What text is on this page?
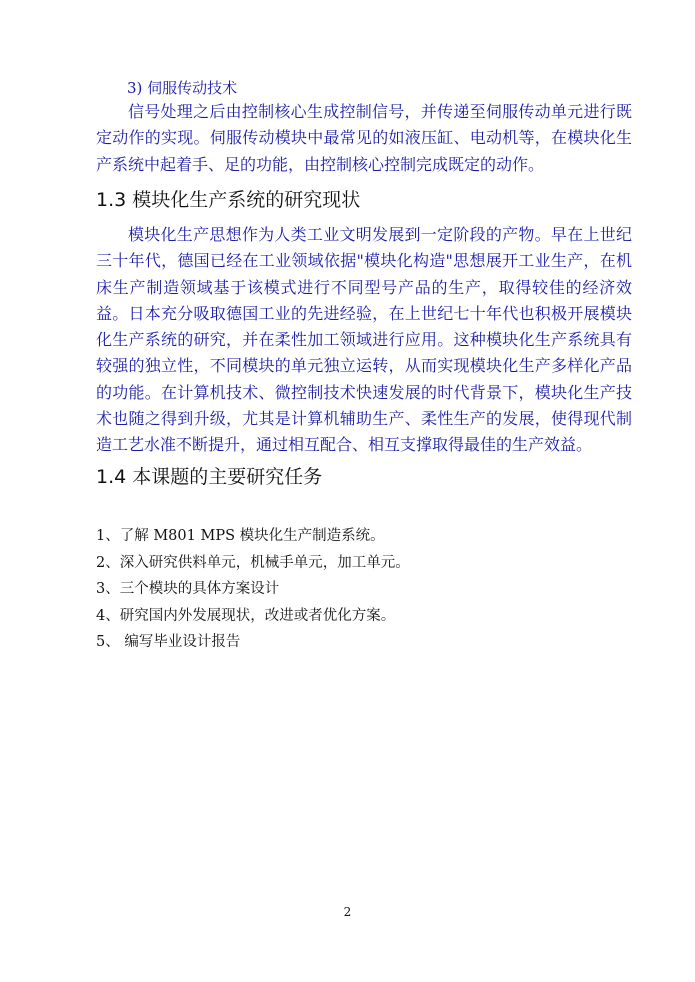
3) 伺服传动技术

信号处理之后由控制核心生成控制信号，并传递至伺服传动单元进行既定动作的实现。伺服传动模块中最常见的如液压缸、电动机等，在模块化生产系统中起着手、足的功能，由控制核心控制完成既定的动作。

1.3 模块化生产系统的研究现状

模块化生产思想作为人类工业文明发展到一定阶段的产物。早在上世纪三十年代，德国已经在工业领域依据"模块化构造"思想展开工业生产，在机床生产制造领域基于该模式进行不同型号产品的生产，取得较佳的经济效益。日本充分吸取德国工业的先进经验，在上世纪七十年代也积极开展模块化生产系统的研究，并在柔性加工领域进行应用。这种模块化生产系统具有较强的独立性，不同模块的单元独立运转，从而实现模块化生产多样化产品的功能。在计算机技术、微控制技术快速发展的时代背景下，模块化生产技术也随之得到升级，尤其是计算机辅助生产、柔性生产的发展，使得现代制造工艺水准不断提升，通过相互配合、相互支撑取得最佳的生产效益。

1.4 本课题的主要研究任务
1、了解 M801 MPS 模块化生产制造系统。
2、深入研究供料单元，机械手单元，加工单元。
3、三个模块的具体方案设计
4、研究国内外发展现状，改进或者优化方案。
5、 编写毕业设计报告
2
